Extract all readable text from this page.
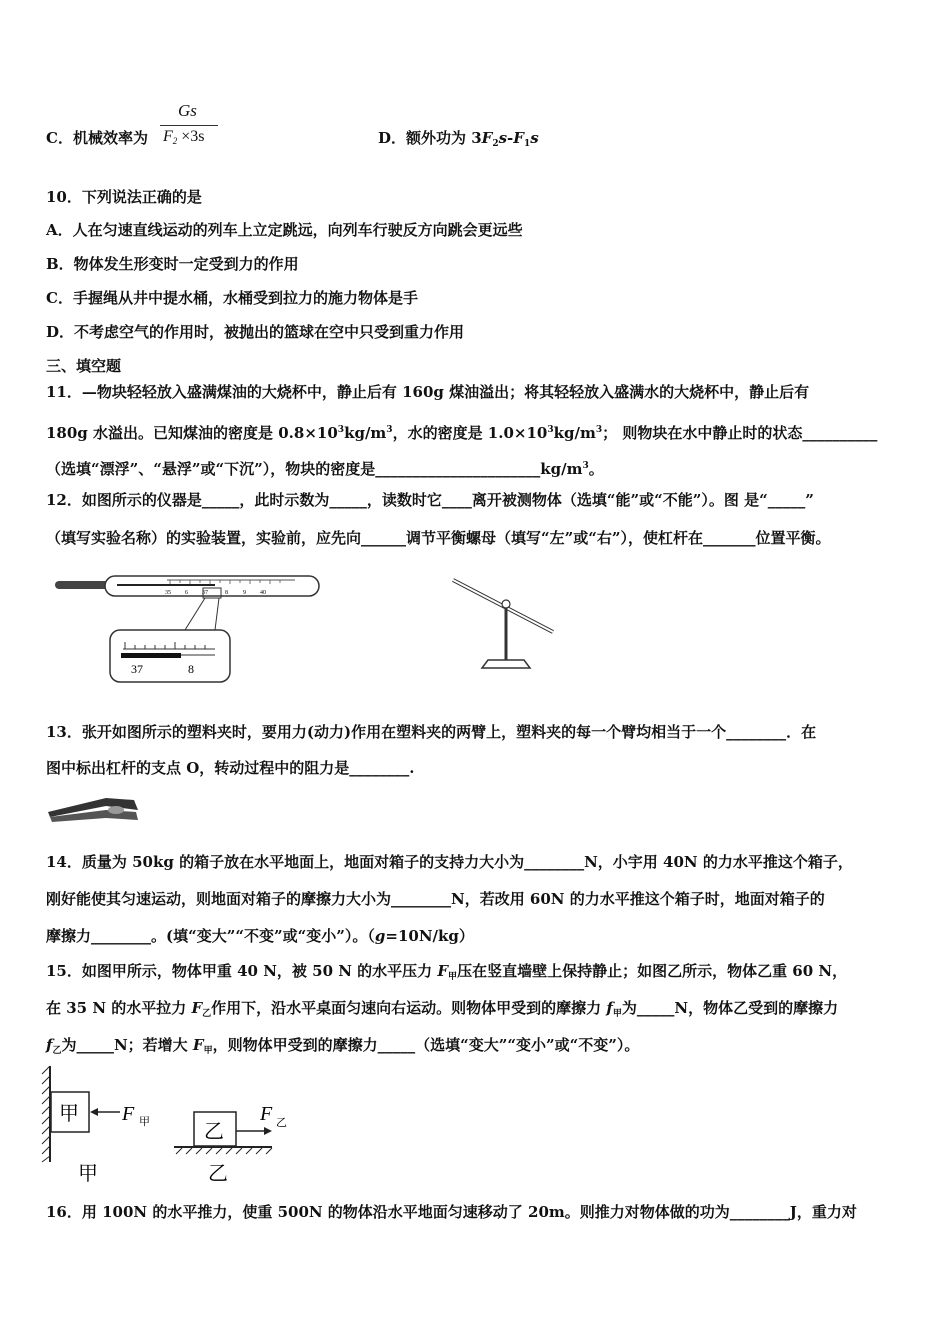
C．机械效率为
Gs
$F_2 \times 3s$	D．额外功为 $3F_2s-F_1s$
10．下列说法正确的是
A．人在匀速直线运动的列车上立定跳远，向列车行驶反方向跳会更远些
B．物体发生形变时一定受到力的作用
C．手握绳从井中提水桶，水桶受到拉力的施力物体是手
D．不考虑空气的作用时，被抛出的篮球在空中只受到重力作用
三、填空题
11．—物块轻轻放入盛满煤油的大烧杯中，静止后有 160g 煤油溢出；将其轻轻放入盛满水的大烧杯中，静止后有
180g 水溢出。已知煤油的密度是 $0.8\times 10^3kg/m^3$，水的密度是 $1.0\times 10^3kg/m^3$； 则物块在水中静止时的状态__________
（选填“漂浮”、“悬浮”或“下沉”），物块的密度是$\_\_\_\_\_\_\_\_\_\_\_\_\_\_\_\_\_\_\_\_\_\_kg/m^3$。
12．如图所示的仪器是_____，此时示数为_____，读数时它____离开被测物体（选填“能”或“不能”）。图 是“_____”
（填写实验名称）的实验装置，实验前，应先向______调节平衡螺母（填写“左”或“右”），使杠杆在_______位置平衡。
35 6 37	8	9 40
37	8
13．张开如图所示的塑料夹时，要用力(动力)作用在塑料夹的两臂上，塑料夹的每一个臂均相当于一个________．在
图中标出杠杆的支点 O，转动过程中的阻力是________.
14．质量为 50kg 的箱子放在水平地面上，地面对箱子的支持力大小为________N，小宇用 40N 的力水平推这个箱子，
刚好能使其匀速运动，则地面对箱子的摩擦力大小为________N，若改用 60N 的力水平推这个箱子时，地面对箱子的
摩擦力________。(填“变大”“不变”或“变小”）。（g=10N/kg）
15．如图甲所示，物体甲重 40 N，被 50 N 的水平压力 $F_甲$压在竖直墙壁上保持静止；如图乙所示，物体乙重 60 N，
在 35 N 的水平拉力 $F_乙$作用下，沿水平桌面匀速向右运动。则物体甲受到的摩擦力 $f_甲$为_____N，物体乙受到的摩擦力
$f_乙$为_____N；若增大 $F_甲$，则物体甲受到的摩擦力_____（选填“变大”“变小”或“不变”）。
甲 F 甲
甲
乙
F 乙
乙
16．用 100N 的水平推力，使重 500N 的物体沿水平地面匀速移动了 20m。则推力对物体做的功为________J，重力对
